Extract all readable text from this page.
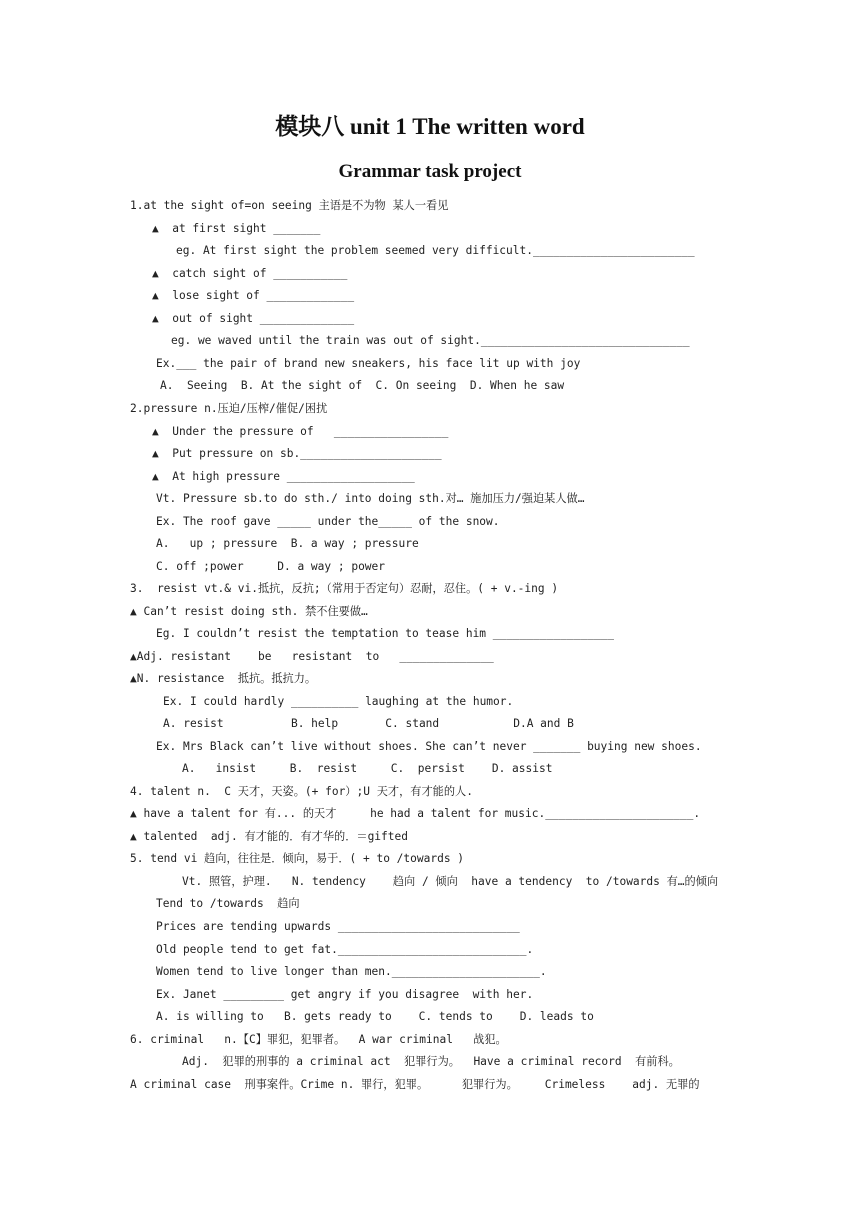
模块八 unit 1 The written word
Grammar task project
1.at the sight of=on seeing 主语是不为物 某人一看见
▲  at first sight _______
eg. At first sight the problem seemed very difficult.________________________
▲  catch sight of ___________
▲  lose sight of _____________
▲  out of sight ______________
eg. we waved until the train was out of sight._______________________________
Ex.___ the pair of brand new sneakers, his face lit up with joy
A.  Seeing  B. At the sight of  C. On seeing  D. When he saw
2.pressure n.压迫/压榨/催促/困扰
▲  Under the pressure of   _________________
▲  Put pressure on sb._____________________
▲  At high pressure ___________________
Vt. Pressure sb.to do sth./ into doing sth.对… 施加压力/强迫某人做…
Ex. The roof gave _____ under the_____ of the snow.
A.   up ; pressure  B. a way ; pressure
C. off ;power     D. a way ; power
3.  resist vt.& vi.抵抗，反抗;（常用于否定句）忍耐，忍住。( + v.-ing )
▲ Can’t resist doing sth. 禁不住要做…
Eg. I couldn’t resist the temptation to tease him __________________
▲Adj. resistant    be   resistant  to   ______________
▲N. resistance  抵抗。抵抗力。
Ex. I could hardly __________ laughing at the humor.
A. resist          B. help       C. stand           D.A and B
Ex. Mrs Black can’t live without shoes. She can’t never _______ buying new shoes.
A.   insist     B.  resist     C.  persist    D. assist
4. talent n.  C 天才，天姿。(+ for）;U 天才，有才能的人.
▲ have a talent for 有... 的天才     he had a talent for music.______________________.
▲ talented  adj. 有才能的．有才华的．＝gifted
5. tend vi 趋向，往往是．倾向，易于．( + to /towards )
Vt. 照管，护理.   N. tendency    趋向 / 倾向  have a tendency  to /towards 有…的倾向
Tend to /towards  趋向
Prices are tending upwards ___________________________
Old people tend to get fat.____________________________.
Women tend to live longer than men.______________________.
Ex. Janet _________ get angry if you disagree  with her.
A. is willing to   B. gets ready to    C. tends to    D. leads to
6. criminal   n.【C】罪犯，犯罪者。  A war criminal   战犯。
Adj.  犯罪的刑事的 a criminal act  犯罪行为。  Have a criminal record  有前科。
A criminal case  刑事案件。Crime n. 罪行，犯罪。     犯罪行为。    Crimeless    adj. 无罪的
